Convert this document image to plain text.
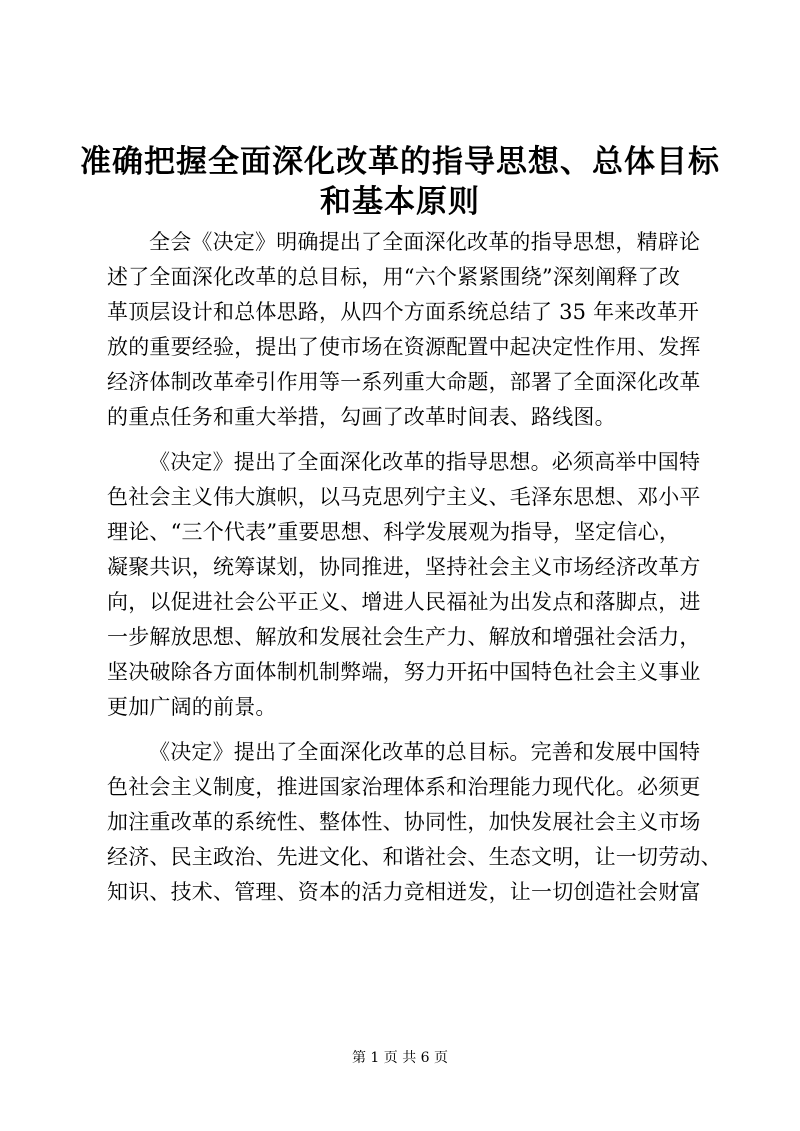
准确把握全面深化改革的指导思想、总体目标
和基本原则
全会《决定》明确提出了全面深化改革的指导思想，精辟论
述了全面深化改革的总目标，用“六个紧紧围绕”深刻阐释了改
革顶层设计和总体思路，从四个方面系统总结了 35 年来改革开
放的重要经验，提出了使市场在资源配置中起决定性作用、发挥
经济体制改革牵引作用等一系列重大命题，部署了全面深化改革
的重点任务和重大举措，勾画了改革时间表、路线图。
《决定》提出了全面深化改革的指导思想。必须高举中国特
色社会主义伟大旗帜，以马克思列宁主义、毛泽东思想、邓小平
理论、“三个代表”重要思想、科学发展观为指导，坚定信心，
凝聚共识，统筹谋划，协同推进，坚持社会主义市场经济改革方
向，以促进社会公平正义、增进人民福祉为出发点和落脚点，进
一步解放思想、解放和发展社会生产力、解放和增强社会活力，
坚决破除各方面体制机制弊端，努力开拓中国特色社会主义事业
更加广阔的前景。
《决定》提出了全面深化改革的总目标。完善和发展中国特
色社会主义制度，推进国家治理体系和治理能力现代化。必须更
加注重改革的系统性、整体性、协同性，加快发展社会主义市场
经济、民主政治、先进文化、和谐社会、生态文明，让一切劳动、
知识、技术、管理、资本的活力竞相迸发，让一切创造社会财富
第 1 页 共 6 页
